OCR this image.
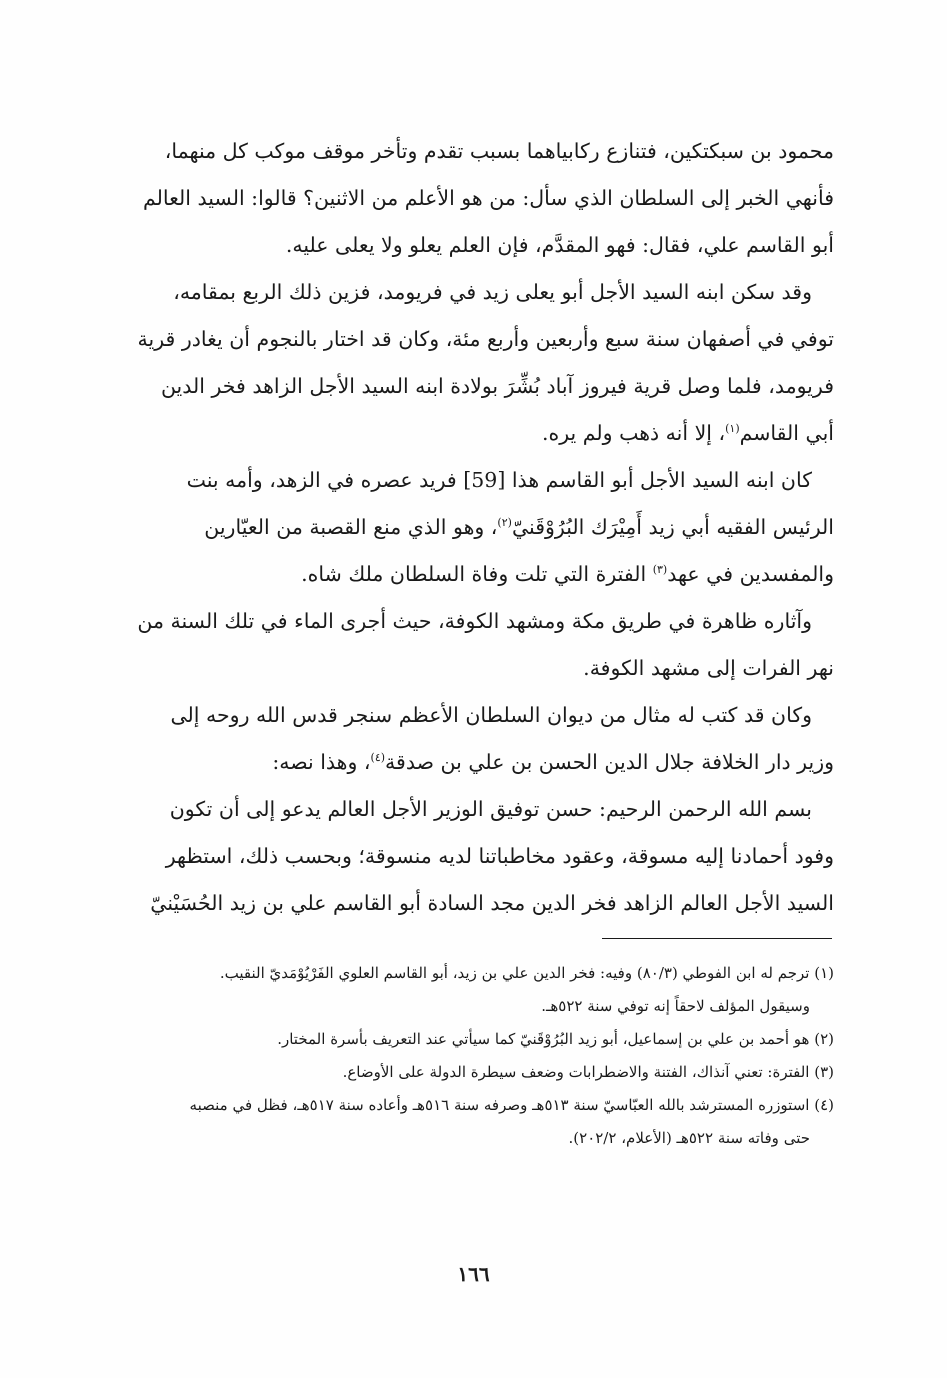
محمود بن سبكتكين، فتنازع ركابياهما بسبب تقدم وتأخر موقف موكب كل منهما،
فأنهي الخبر إلى السلطان الذي سأل: من هو الأعلم من الاثنين؟ قالوا: السيد العالم
أبو القاسم علي، فقال: فهو المقدَّم، فإن العلم يعلو ولا يعلى عليه.

وقد سكن ابنه السيد الأجل أبو يعلى زيد في فريومد، فزين ذلك الربع بمقامه،
توفي في أصفهان سنة سبع وأربعين وأربع مئة، وكان قد اختار بالنجوم أن يغادر قرية
فريومد، فلما وصل قرية فيروز آباد بُشِّرَ بولادة ابنه السيد الأجل الزاهد فخر الدين
أبي القاسم$^{(١)}$، إلا أنه ذهب ولم يره.

كان ابنه السيد الأجل أبو القاسم هذا [59] فريد عصره في الزهد، وأمه بنت
الرئيس الفقيه أبي زيد أَمِيْرَك البُرُوْقَنيّ$^{(٢)}$، وهو الذي منع القصبة من العيّارين
والمفسدين في عهد$^{(٣)}$ الفترة التي تلت وفاة السلطان ملك شاه.

وآثاره ظاهرة في طريق مكة ومشهد الكوفة، حيث أجرى الماء في تلك السنة من
نهر الفرات إلى مشهد الكوفة.

وكان قد كتب له مثال من ديوان السلطان الأعظم سنجر قدس الله روحه إلى
وزير دار الخلافة جلال الدين الحسن بن علي بن صدقة$^{(٤)}$، وهذا نصه:

بسم الله الرحمن الرحيم: حسن توفيق الوزير الأجل العالم يدعو إلى أن تكون
وفود أحمادنا إليه مسوقة، وعقود مخاطباتنا لديه منسوقة؛ وبحسب ذلك، استظهر
السيد الأجل العالم الزاهد فخر الدين مجد السادة أبو القاسم علي بن زيد الحُسَيْنيّ

(١) ترجم له ابن الفوطي (٨٠/٣) وفيه: فخر الدين علي بن زيد، أبو القاسم العلوي الفَرْيُوْمَديّ النقيب.

وسيقول المؤلف لاحقاً إنه توفي سنة ٥٢٢هـ.

(٢) هو أحمد بن علي بن إسماعيل، أبو زيد البُرُوْقَنيّ كما سيأتي عند التعريف بأسرة المختار.

(٣) الفترة: تعني آنذاك، الفتنة والاضطرابات وضعف سيطرة الدولة على الأوضاع.

(٤) استوزره المسترشد بالله العبّاسيّ سنة ٥١٣هـ وصرفه سنة ٥١٦هـ وأعاده سنة ٥١٧هـ، فظل في منصبه

حتى وفاته سنة ٥٢٢هـ (الأعلام، ٢٠٢/٢).

١٦٦
